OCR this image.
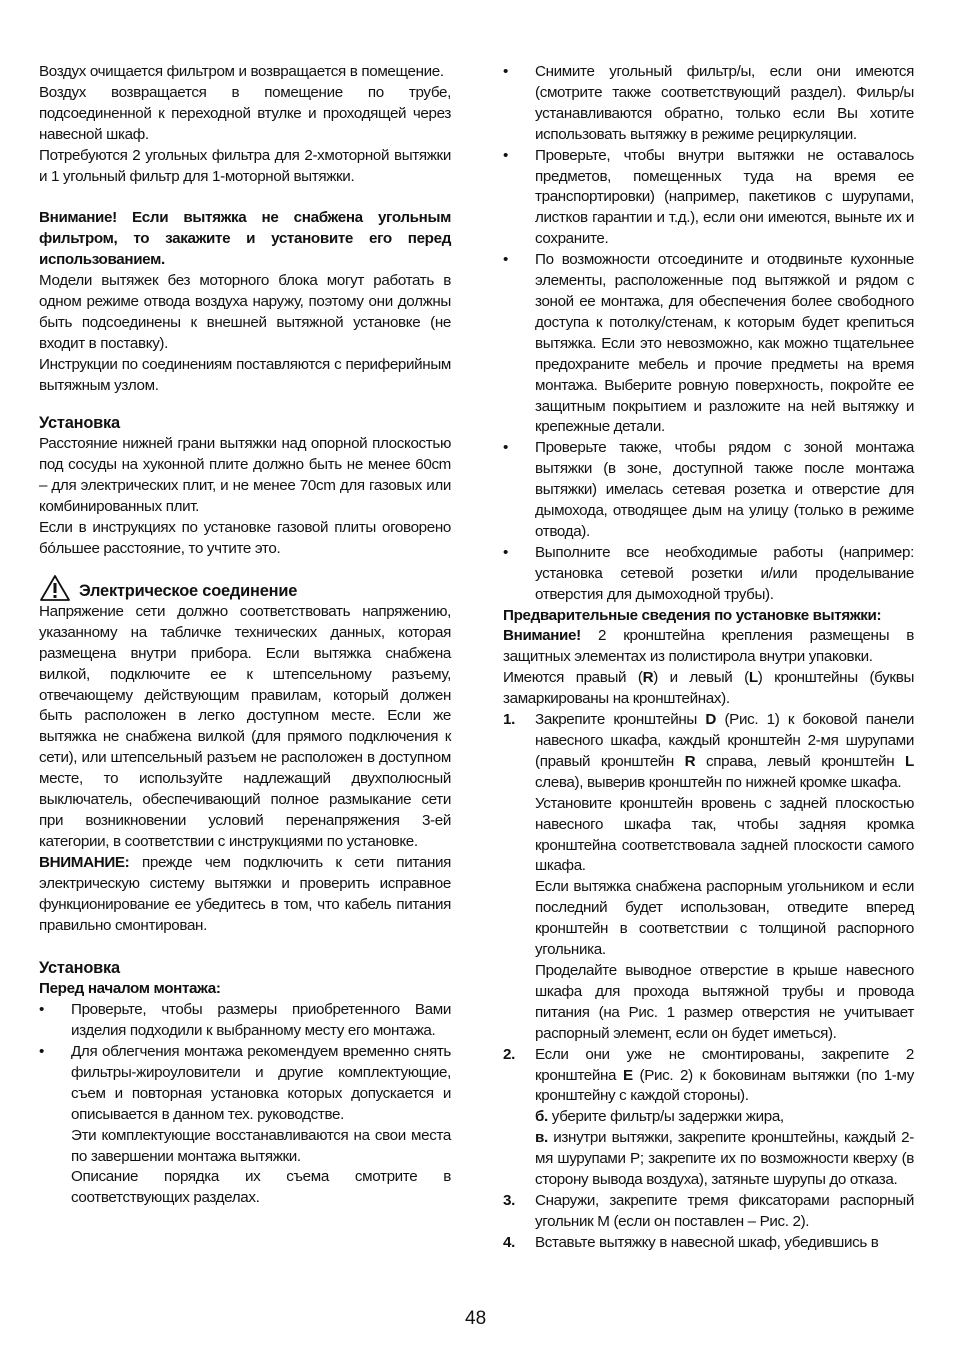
Воздух очищается фильтром и возвращается в помещение.

Воздух возвращается в помещение по трубе, подсоединенной к переходной втулке и проходящей через навесной шкаф.

Потребуются 2 угольных фильтра для 2-хмоторной вытяжки и 1 угольный фильтр для 1-моторной вытяжки.

Внимание! Если вытяжка не снабжена угольным фильтром, то закажите и установите его перед использованием.

Модели вытяжек без моторного блока могут работать в одном режиме отвода воздуха наружу, поэтому они должны быть подсоединены к внешней вытяжной установке (не входит в поставку).

Инструкции по соединениям поставляются с периферийным вытяжным узлом.

Установка

Расстояние нижней грани вытяжки над опорной плоскостью под сосуды на хуконной плите должно быть не менее 60cm – для электрических плит, и не менее 70cm для газовых или комбинированных плит.

Если в инструкциях по установке газовой плиты оговорено бóльшее расстояние, то учтите это.

Электрическое соединение

Напряжение сети должно соответствовать напряжению, указанному на табличке технических данных, которая размещена внутри прибора. Если вытяжка снабжена вилкой, подключите ее к штепсельному разъему, отвечающему действующим правилам, который должен быть расположен в легко доступном месте. Если же вытяжка не снабжена вилкой (для прямого подключения к сети), или штепсельный разъем не расположен в доступном месте, то используйте надлежащий двухполюсный выключатель, обеспечивающий полное размыкание сети при возникновении условий перенапряжения 3-ей категории, в соответствии с инструкциями по установке.

ВНИМАНИЕ: прежде чем подключить к сети питания электрическую систему вытяжки и проверить исправное функционирование ее убедитесь в том, что кабель питания правильно смонтирован.

Установка

Перед началом монтажа:

• Проверьте, чтобы размеры приобретенного Вами изделия подходили к выбранному месту его монтажа.

• Для облегчения монтажа рекомендуем временно снять фильтры-жироуловители и другие комплектующие, съем и повторная установка которых допускается и описывается в данном тех. руководстве.

Эти комплектующие восстанавливаются на свои места по завершении монтажа вытяжки.

Описание порядка их съема смотрите в соответствующих разделах.

• Снимите угольный фильтр/ы, если они имеются (смотрите также соответствующий раздел). Фильр/ы устанавливаются обратно, только если Вы хотите использовать вытяжку в режиме рециркуляции.

• Проверьте, чтобы внутри вытяжки не оставалось предметов, помещенных туда на время ее транспортировки) (например, пакетиков с шурупами, листков гарантии и т.д.), если они имеются, выньте их и сохраните.

• По возможности отсоедините и отодвиньте кухонные элементы, расположенные под вытяжкой и рядом с зоной ее монтажа, для обеспечения более свободного доступа к потолку/стенам, к которым будет крепиться вытяжка. Если это невозможно, как можно тщательнее предохраните мебель и прочие предметы на время монтажа. Выберите ровную поверхность, покройте ее защитным покрытием и разложите на ней вытяжку и крепежные детали.

• Проверьте также, чтобы рядом с зоной монтажа вытяжки (в зоне, доступной также после монтажа вытяжки) имелась сетевая розетка и отверстие для дымохода, отводящее дым на улицу (только в режиме отвода).

• Выполните все необходимые работы (например: установка сетевой розетки и/или проделывание отверстия для дымоходной трубы).

Предварительные сведения по установке вытяжки:

Внимание! 2 кронштейна крепления размещены в защитных элементах из полистирола внутри упаковки.

Имеются правый (R) и левый (L) кронштейны (буквы замаркированы на кронштейнах).

1. Закрепите кронштейны D (Рис. 1) к боковой панели навесного шкафа, каждый кронштейн 2-мя шурупами (правый кронштейн R справа, левый кронштейн L слева), выверив кронштейн по нижней кромке шкафа.

Установите кронштейн вровень с задней плоскостью навесного шкафа так, чтобы задняя кромка кронштейна соответствовала задней плоскости самого шкафа.

Если вытяжка снабжена распорным угольником и если последний будет использован, отведите вперед кронштейн в соответствии с толщиной распорного угольника.

Проделайте выводное отверстие в крыше навесного шкафа для прохода вытяжной трубы и провода питания (на Рис. 1 размер отверстия не учитывает распорный элемент, если он будет иметься).

2. Если они уже не смонтированы, закрепите 2 кронштейна E (Рис. 2) к боковинам вытяжки (по 1-му кронштейну с каждой стороны).

б. уберите фильтр/ы задержки жира,

в. изнутри вытяжки, закрепите кронштейны, каждый 2-мя шурупами P; закрепите их по возможности кверху (в сторону вывода воздуха), затяньте шурупы до отказа.

3. Снаружи, закрепите тремя фиксаторами распорный угольник M (если он поставлен – Рис. 2).

4. Вставьте вытяжку в навесной шкаф, убедившись в

48
